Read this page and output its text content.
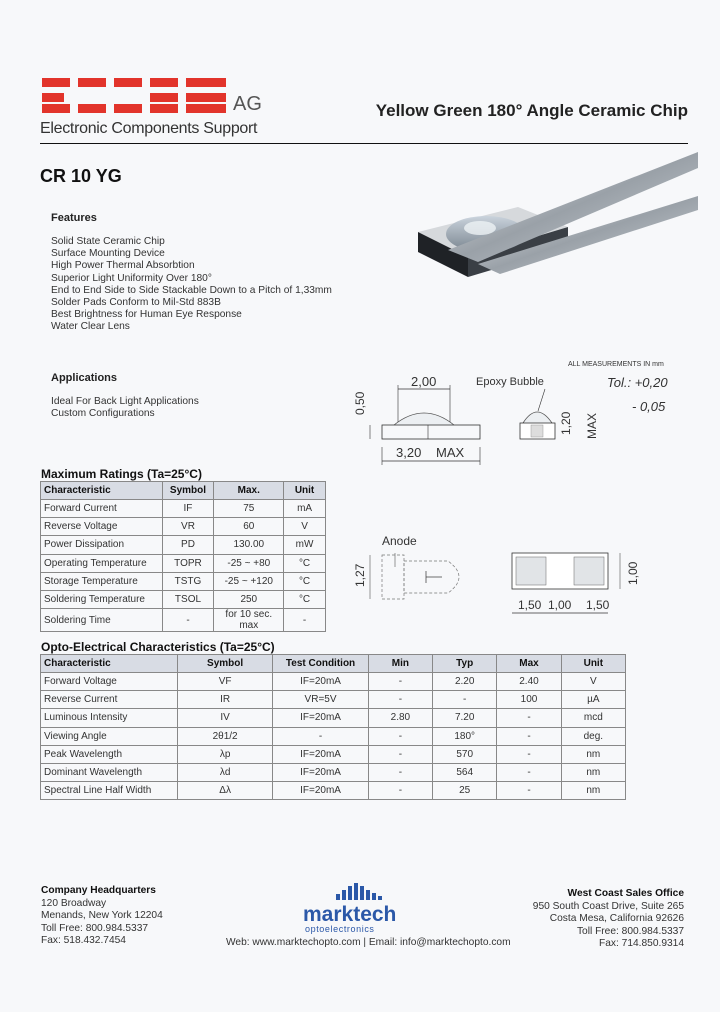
AG
Electronic Components Support
Yellow Green 180° Angle Ceramic Chip
CR 10 YG
Features
Solid State Ceramic Chip
Surface Mounting Device
High Power Thermal Absorbtion
Superior Light Uniformity Over 180°
End to End Side to Side Stackable Down to a Pitch of 1,33mm
Solder Pads Conform to Mil-Std 883B
Best Brightness for Human Eye Response
Water Clear Lens
Applications
Ideal For Back Light Applications
Custom Configurations
ALL MEASUREMENTS IN mm
Tol.: +0,20
- 0,05
2,00
0,50
3,20 MAX
Epoxy Bubble
1,20 MAX
Anode
1,27	1,00
1,50 1,00 1,50
Maximum Ratings (Ta=25°C)
Characteristic	Symbol	Max.	Unit
Forward Current	IF	75	mA
Reverse Voltage	VR	60	V
Power Dissipation	PD	130.00	mW
Operating Temperature	TOPR	-25 ~ +80	°C
Storage Temperature	TSTG	-25 ~ +120	°C
Soldering Temperature	TSOL	250	°C
Soldering Time	-	for 10 sec. max	-
Opto-Electrical Characteristics (Ta=25°C)
Characteristic	Symbol	Test Condition	Min	Typ	Max	Unit
Forward Voltage	VF	IF=20mA	-	2.20	2.40	V
Reverse Current	IR	VR=5V	-	-	100	µA
Luminous Intensity	IV	IF=20mA	2.80	7.20	-	mcd
Viewing Angle	2θ1/2	-	-	180°	-	deg.
Peak Wavelength	λp	IF=20mA	-	570	-	nm
Dominant Wavelength	λd	IF=20mA	-	564	-	nm
Spectral Line Half Width	Δλ	IF=20mA	-	25	-	nm
Company Headquarters
120 Broadway
Menands, New York 12204
Toll Free: 800.984.5337
Fax: 518.432.7454
marktech
optoelectronics
Web: www.marktechopto.com | Email: info@marktechopto.com
West Coast Sales Office
950 South Coast Drive, Suite 265
Costa Mesa, California 92626
Toll Free: 800.984.5337
Fax: 714.850.9314
